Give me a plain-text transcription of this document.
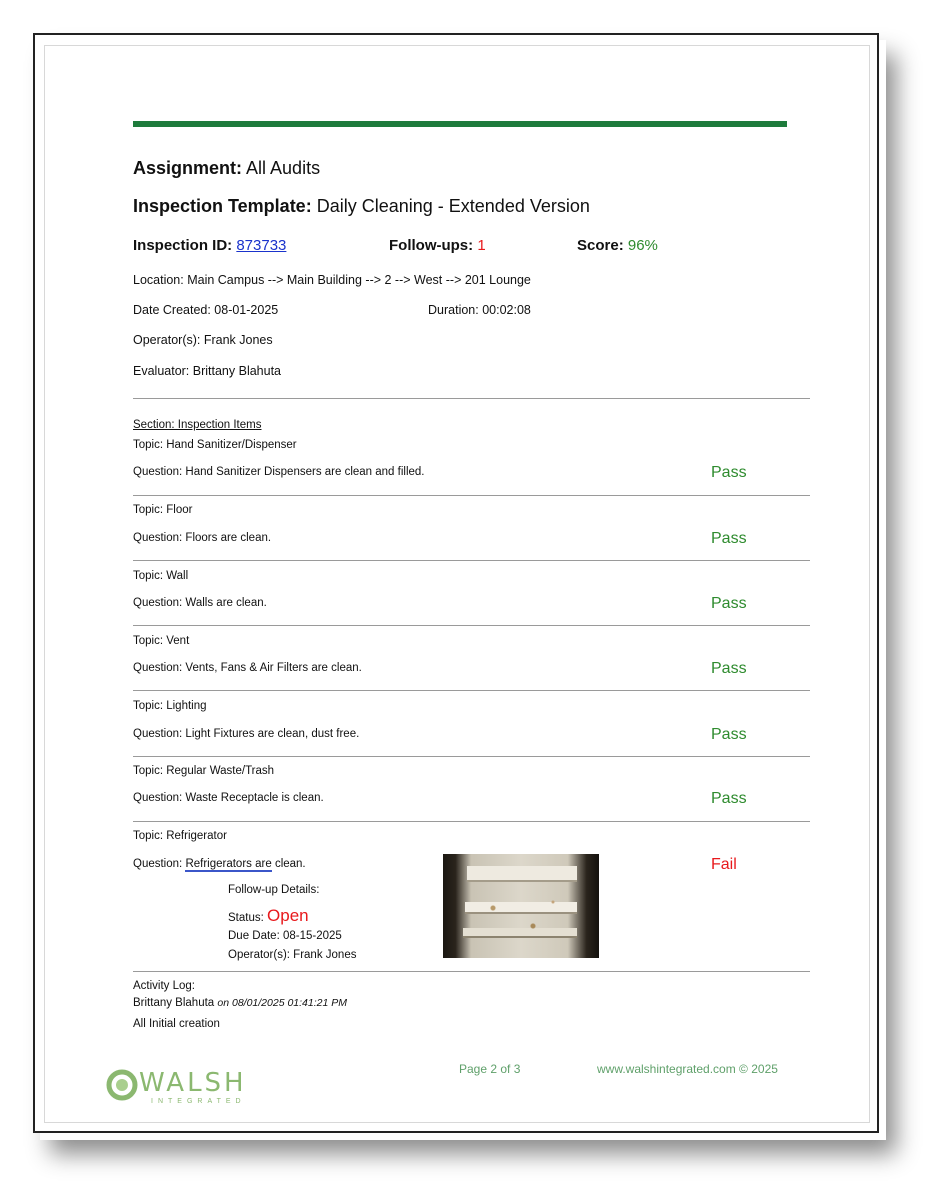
Assignment: All Audits
Inspection Template: Daily Cleaning - Extended Version
Inspection ID: 873733	Follow-ups: 1	Score: 96%
Location: Main Campus --> Main Building --> 2 --> West --> 201 Lounge
Date Created: 08-01-2025	Duration: 00:02:08
Operator(s): Frank Jones
Evaluator: Brittany Blahuta
Section: Inspection Items
Topic: Hand Sanitizer/Dispenser
Question: Hand Sanitizer Dispensers are clean and filled.	Pass
Topic: Floor
Question: Floors are clean.	Pass
Topic: Wall
Question: Walls are clean.	Pass
Topic: Vent
Question: Vents, Fans & Air Filters are clean.	Pass
Topic: Lighting
Question: Light Fixtures are clean, dust free.	Pass
Topic: Regular Waste/Trash
Question: Waste Receptacle is clean.	Pass
Topic: Refrigerator
Question: Refrigerators are clean.	Fail
Follow-up Details:
Status: Open
Due Date: 08-15-2025
Operator(s): Frank Jones
Activity Log:
Brittany Blahuta on 08/01/2025 01:41:21 PM
All Initial creation
WALSH
INTEGRATED
Page 2 of 3	www.walshintegrated.com © 2025
